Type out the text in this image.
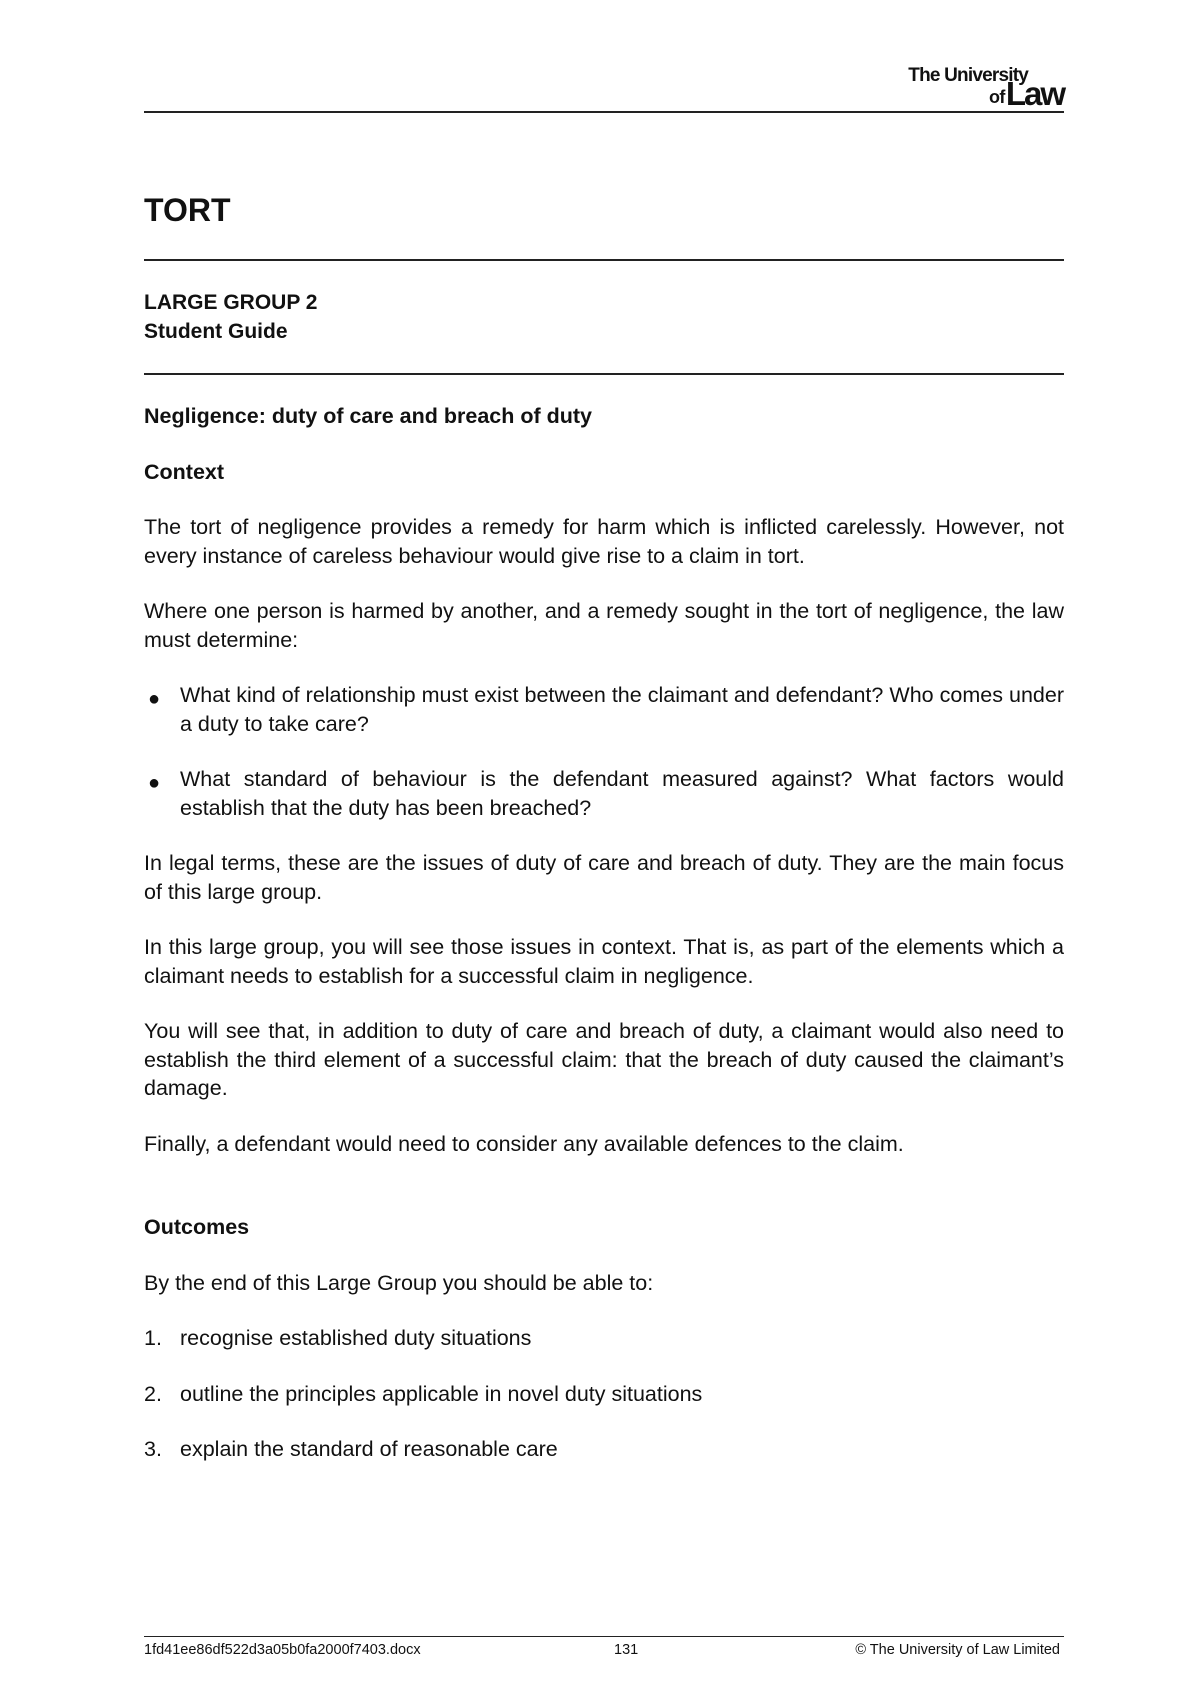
The University
ofLaw
TORT
LARGE GROUP 2
Student Guide
Negligence: duty of care and breach of duty
Context

The tort of negligence provides a remedy for harm which is inflicted carelessly. However, not every instance of careless behaviour would give rise to a claim in tort.

Where one person is harmed by another, and a remedy sought in the tort of negligence, the law must determine:

● What kind of relationship must exist between the claimant and defendant? Who comes under a duty to take care?
● What standard of behaviour is the defendant measured against? What factors would establish that the duty has been breached?

In legal terms, these are the issues of duty of care and breach of duty. They are the main focus of this large group.

In this large group, you will see those issues in context. That is, as part of the elements which a claimant needs to establish for a successful claim in negligence.

You will see that, in addition to duty of care and breach of duty, a claimant would also need to establish the third element of a successful claim: that the breach of duty caused the claimant’s damage.

Finally, a defendant would need to consider any available defences to the claim.

Outcomes

By the end of this Large Group you should be able to:

1. recognise established duty situations
2. outline the principles applicable in novel duty situations
3. explain the standard of reasonable care
1fd41ee86df522d3a05b0fa2000f7403.docx	131	© The University of Law Limited
